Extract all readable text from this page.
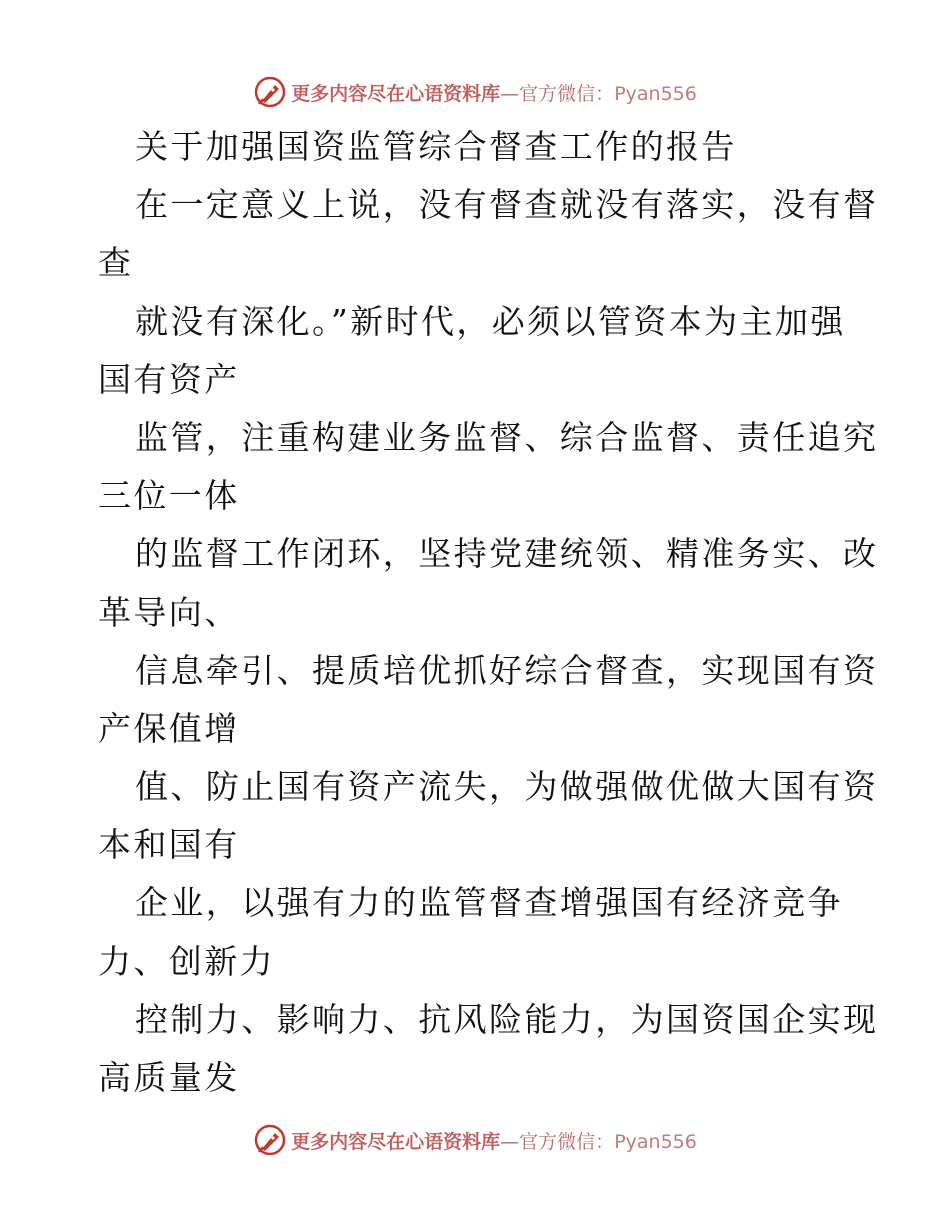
更多内容尽在心语资料库—官方微信：Pyan556
关于加强国资监管综合督查工作的报告
在一定意义上说，没有督查就没有落实，没有督
查
就没有深化。”新时代，必须以管资本为主加强
国有资产
监管，注重构建业务监督、综合监督、责任追究
三位一体
的监督工作闭环，坚持党建统领、精准务实、改
革导向、
信息牵引、提质培优抓好综合督查，实现国有资
产保值增
值、防止国有资产流失，为做强做优做大国有资
本和国有
企业，以强有力的监管督查增强国有经济竞争
力、创新力
控制力、影响力、抗风险能力，为国资国企实现
高质量发
更多内容尽在心语资料库—官方微信：Pyan556
